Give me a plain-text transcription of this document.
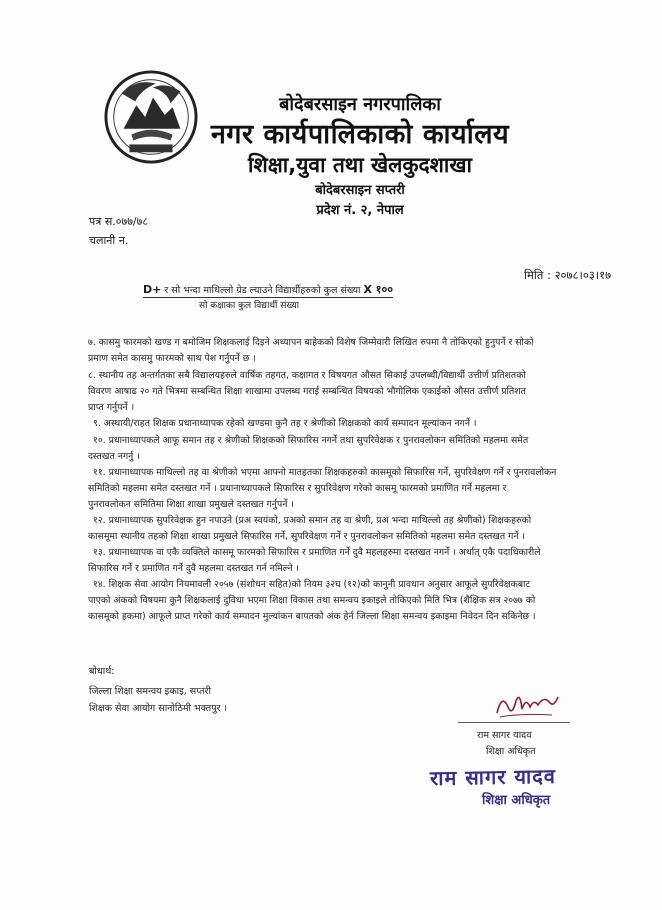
बोदेबरसाइन नगरपालिका
नगर कार्यपालिकाको कार्यालय
शिक्षा,युवा तथा खेलकुदशाखा
बोदेबरसाइन सप्तरी
प्रदेश नं. २, नेपाल
पत्र स.०७७/७८
चलानी न.
मिति : २०७८।०३।१७
D+ र सो भन्दा माथिल्लो ग्रेड ल्याउने विद्यार्थीहरुको कुल संख्या X १००
सो कक्षाका कुल विद्यार्थी संख्या
७. कासमु फारमको खण्ड ग बमोजिम शिक्षकलाई दिइने अध्यापन बाहेकको विशेष जिम्मेवारी लिखित रुपमा नै तोकिएको हुनुपर्ने र सोको
प्रमाण समेत कासमु फारमको साथ पेश गर्नुपर्ने छ ।
८. स्थानीय तह अन्तर्गतका सबै विद्यालयहरुले वार्षिक तहगत, कक्षागत र विषयगत औसत सिकाई उपलब्धी/विद्यार्थी उत्तीर्ण प्रतिशतको
विवरण आषाढ २० गते भित्रमा सम्बन्धित शिक्षा शाखामा उपलब्ध गराई सम्बन्धित विषयको भौगोलिक एकाईको औसत उत्तीर्ण प्रतिशत
प्राप्त गर्नुपर्ने ।
९. अस्थायी/राहत शिक्षक प्रधानाध्यापक रहेको खण्डमा कुनै तह र श्रेणीको शिक्षकको कार्य सम्पादन मूल्यांकन नगर्ने ।
१०. प्रधानाध्यापकले आफू समान तह र श्रेणीको शिक्षकको सिफारिस नगर्ने तथा सुपरिवेक्षक र पुनरावलोकन समितिको महलमा समेत
दस्तखत नगर्नु ।
११. प्रधानाध्यापक माथिल्लो तह वा श्रेणीको भएमा आफ्नो मातहतका शिक्षकहरुको कासमूको सिफारिस गर्ने, सुपरिवेक्षण गर्ने र पुनरावलोकन
समितिको महलमा समेत दस्तखत गर्ने । प्रधानाध्यापकले सिफारिस र सुपरिवेक्षण गरेको कासमू फारमको प्रमाणित गर्ने महलमा र
पुनरावलोकन समितिमा शिक्षा शाखा प्रमुखले दस्तखत गर्नुपर्ने ।
१२. प्रधानाध्यापक सुपरिवेक्षक हुन नपाउने (प्रअ स्वयंको, प्रअको समान तह वा श्रेणी, प्रअ भन्दा माथिल्लो तह श्रेणीको) शिक्षकहरुको
कासमूमा स्थानीय तहको शिक्षा शाखा प्रमुखले सिफारिस गर्ने, सुपरिवेक्षण गर्ने र पुनरावलोकन समितिको महलमा समेत दस्तखत गर्ने ।
१३. प्रधानाध्यापक वा एकै व्यक्तिले कासमू फारमको सिफारिस र प्रमाणित गर्ने दुवै महलहरुमा दस्तखत नगर्ने । अर्थात् एकै पदाधिकारीले
सिफारिस गर्ने र प्रमाणित गर्ने दुवै महलमा दस्तखत गर्न नमिल्ने ।
१४. शिक्षक सेवा आयोग नियमावली २०५७ (संशोधन सहित)को नियम ३२घ (१२)को कानुनी प्रावधान अनुसार आफूले सुपरिवेक्षकबाट
पाएको अंकको विषयमा कुनै शिक्षकलाई दुविधा भएमा शिक्षा विकास तथा समन्वय इकाइले तोकिएको मिति भित्र (शैक्षिक सत्र २०७७ को
कासमूको हकमा) आफूले प्राप्त गरेको कार्य सम्पादन मुल्यांकन बापतको अंक हेर्न जिल्ला शिक्षा समन्वय इकाइमा निवेदन दिन सकिनेछ ।
बोधार्थ:
जिल्ला शिक्षा समन्वय इकाइ, सप्तरी
शिक्षक सेवा आयोग सानोठिमी भक्तपुर ।
राम सागर यादव
शिक्षा अधिकृत
राम सागर यादव
शिक्षा अधिकृत
